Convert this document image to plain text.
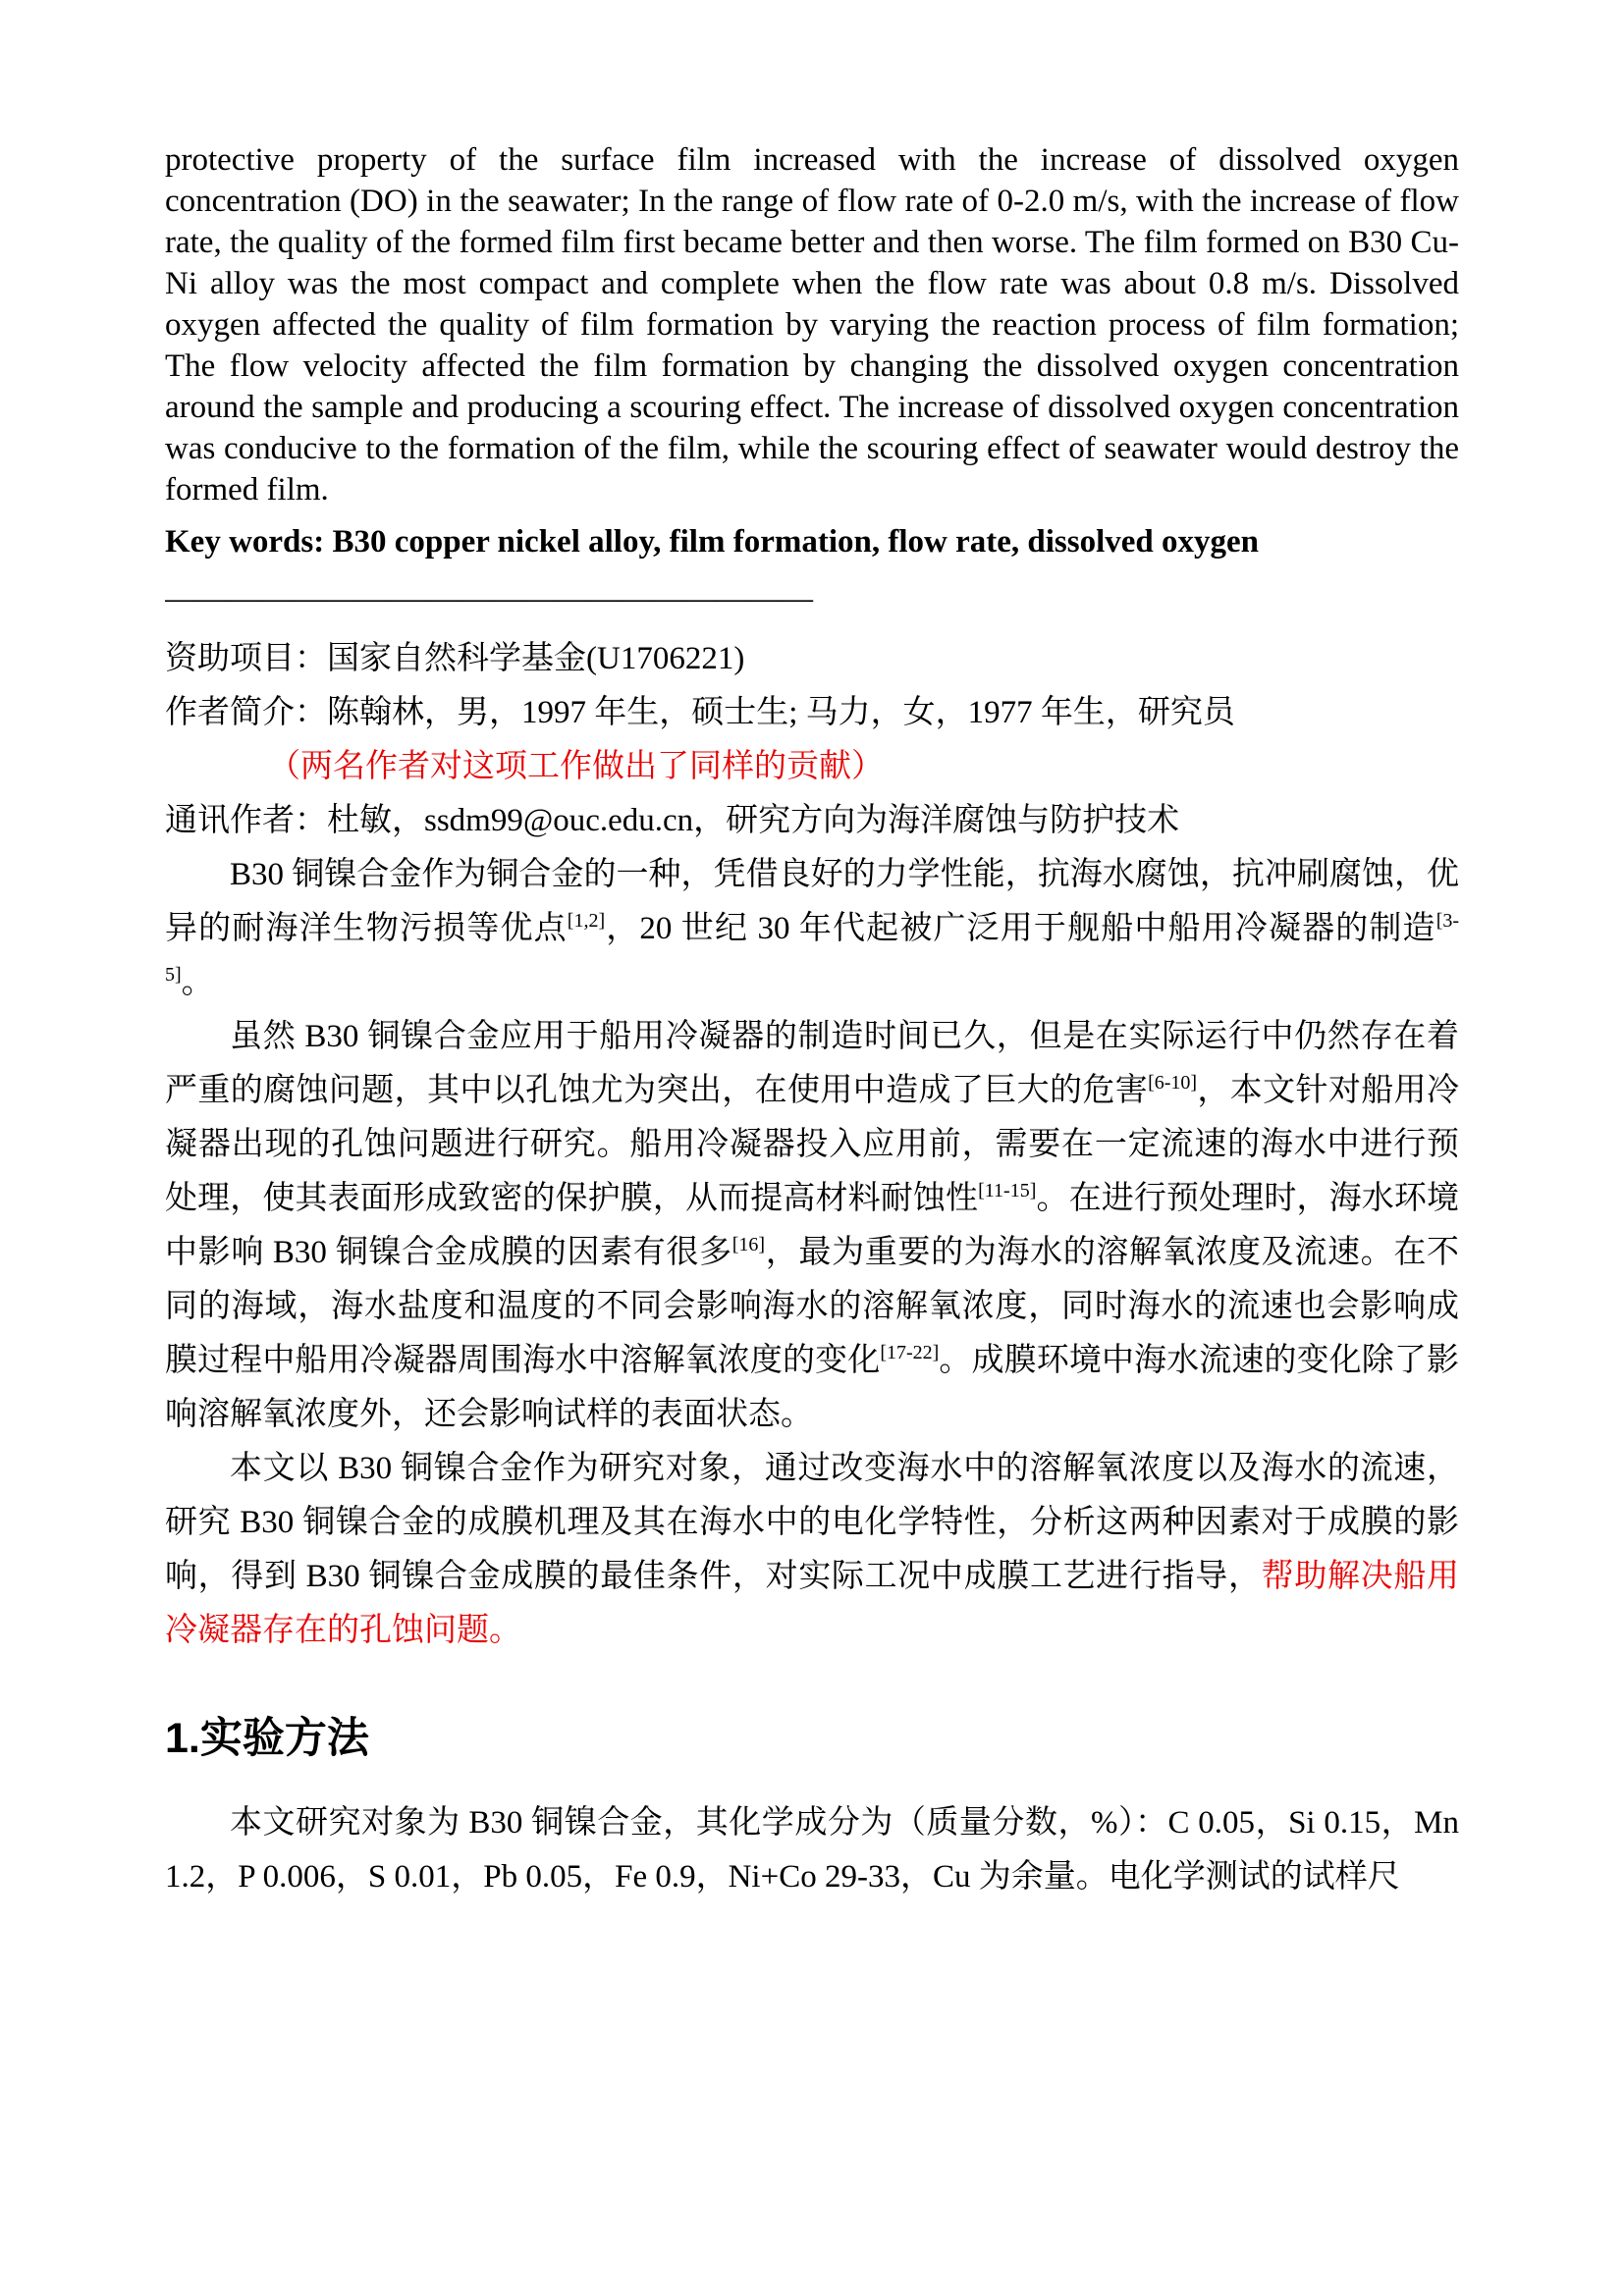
protective property of the surface film increased with the increase of dissolved oxygen concentration (DO) in the seawater; In the range of flow rate of 0-2.0 m/s, with the increase of flow rate, the quality of the formed film first became better and then worse. The film formed on B30 Cu-Ni alloy was the most compact and complete when the flow rate was about 0.8 m/s. Dissolved oxygen affected the quality of film formation by varying the reaction process of film formation; The flow velocity affected the film formation by changing the dissolved oxygen concentration around the sample and producing a scouring effect. The increase of dissolved oxygen concentration was conducive to the formation of the film, while the scouring effect of seawater would destroy the formed film.

Key words: B30 copper nickel alloy, film formation, flow rate, dissolved oxygen

————————————————————

资助项目：国家自然科学基金(U1706221)

作者简介：陈翰林，男，1997 年生，硕士生; 马力，女，1977 年生，研究员

（两名作者对这项工作做出了同样的贡献）

通讯作者：杜敏，ssdm99@ouc.edu.cn，研究方向为海洋腐蚀与防护技术

B30 铜镍合金作为铜合金的一种，凭借良好的力学性能，抗海水腐蚀，抗冲刷腐蚀，优异的耐海洋生物污损等优点[1,2]，20 世纪 30 年代起被广泛用于舰船中船用冷凝器的制造[3-5]。

虽然 B30 铜镍合金应用于船用冷凝器的制造时间已久，但是在实际运行中仍然存在着严重的腐蚀问题，其中以孔蚀尤为突出，在使用中造成了巨大的危害[6-10]，本文针对船用冷凝器出现的孔蚀问题进行研究。船用冷凝器投入应用前，需要在一定流速的海水中进行预处理，使其表面形成致密的保护膜，从而提高材料耐蚀性[11-15]。在进行预处理时，海水环境中影响 B30 铜镍合金成膜的因素有很多[16]，最为重要的为海水的溶解氧浓度及流速。在不同的海域，海水盐度和温度的不同会影响海水的溶解氧浓度，同时海水的流速也会影响成膜过程中船用冷凝器周围海水中溶解氧浓度的变化[17-22]。成膜环境中海水流速的变化除了影响溶解氧浓度外，还会影响试样的表面状态。

本文以 B30 铜镍合金作为研究对象，通过改变海水中的溶解氧浓度以及海水的流速，研究 B30 铜镍合金的成膜机理及其在海水中的电化学特性，分析这两种因素对于成膜的影响，得到 B30 铜镍合金成膜的最佳条件，对实际工况中成膜工艺进行指导，帮助解决船用冷凝器存在的孔蚀问题。

1.实验方法

本文研究对象为 B30 铜镍合金，其化学成分为（质量分数，%）：C 0.05，Si 0.15，Mn 1.2，P 0.006，S 0.01，Pb 0.05，Fe 0.9，Ni+Co 29-33，Cu 为余量。电化学测试的试样尺
